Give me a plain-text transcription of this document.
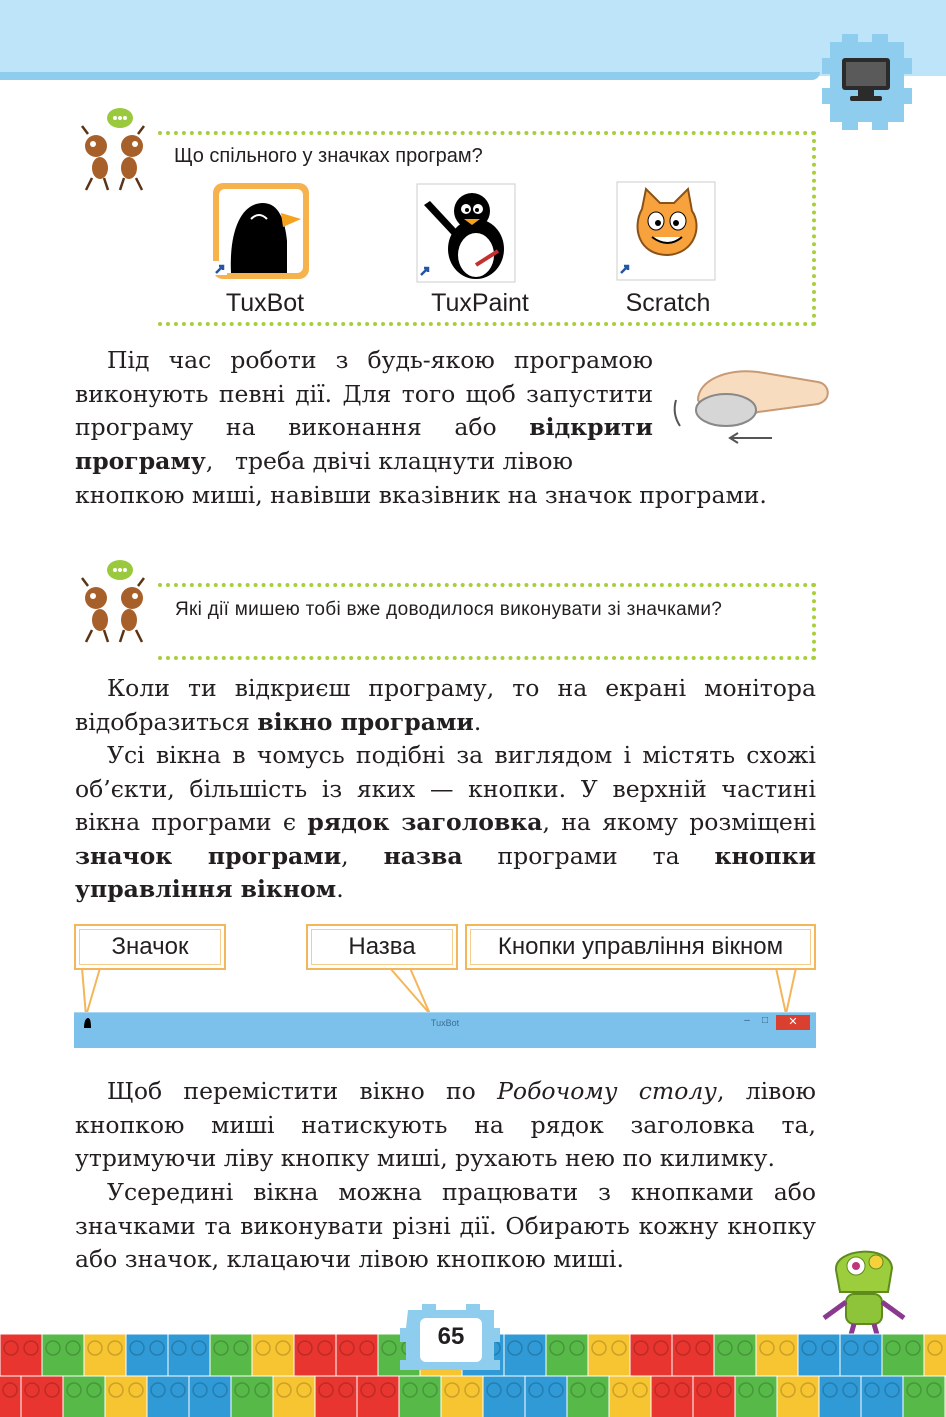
Що спільного у значках програм?
TuxBot	TuxPaint	Scratch
Під час роботи з будь-якою програмою виконують певні дії. Для того щоб запустити програму на виконання або відкрити програму, треба двічі клацнути лівою
кнопкою миші, навівши вказівник на значок програми.
Які дії мишею тобі вже доводилося виконувати зі значками?
Коли ти відкриєш програму, то на екрані монітора відобразиться вікно програми.
Усі вікна в чомусь подібні за виглядом і містять схожі об’єкти, більшість із яких — кнопки. У верхній частині вікна програми є рядок заголовка, на якому розміщені значок програми, назва програми та кнопки управління вікном.
Значок	Назва	Кнопки управління вікном
TuxBot	–	□	✕
Щоб перемістити вікно по Робочому столу, лівою кнопкою миші натискують на рядок заголовка та, утримуючи ліву кнопку миші, рухають нею по килимку.
Усередині вікна можна працювати з кнопками або значками та виконувати різні дії. Обирають кожну кнопку або значок, клацаючи лівою кнопкою миші.
65
